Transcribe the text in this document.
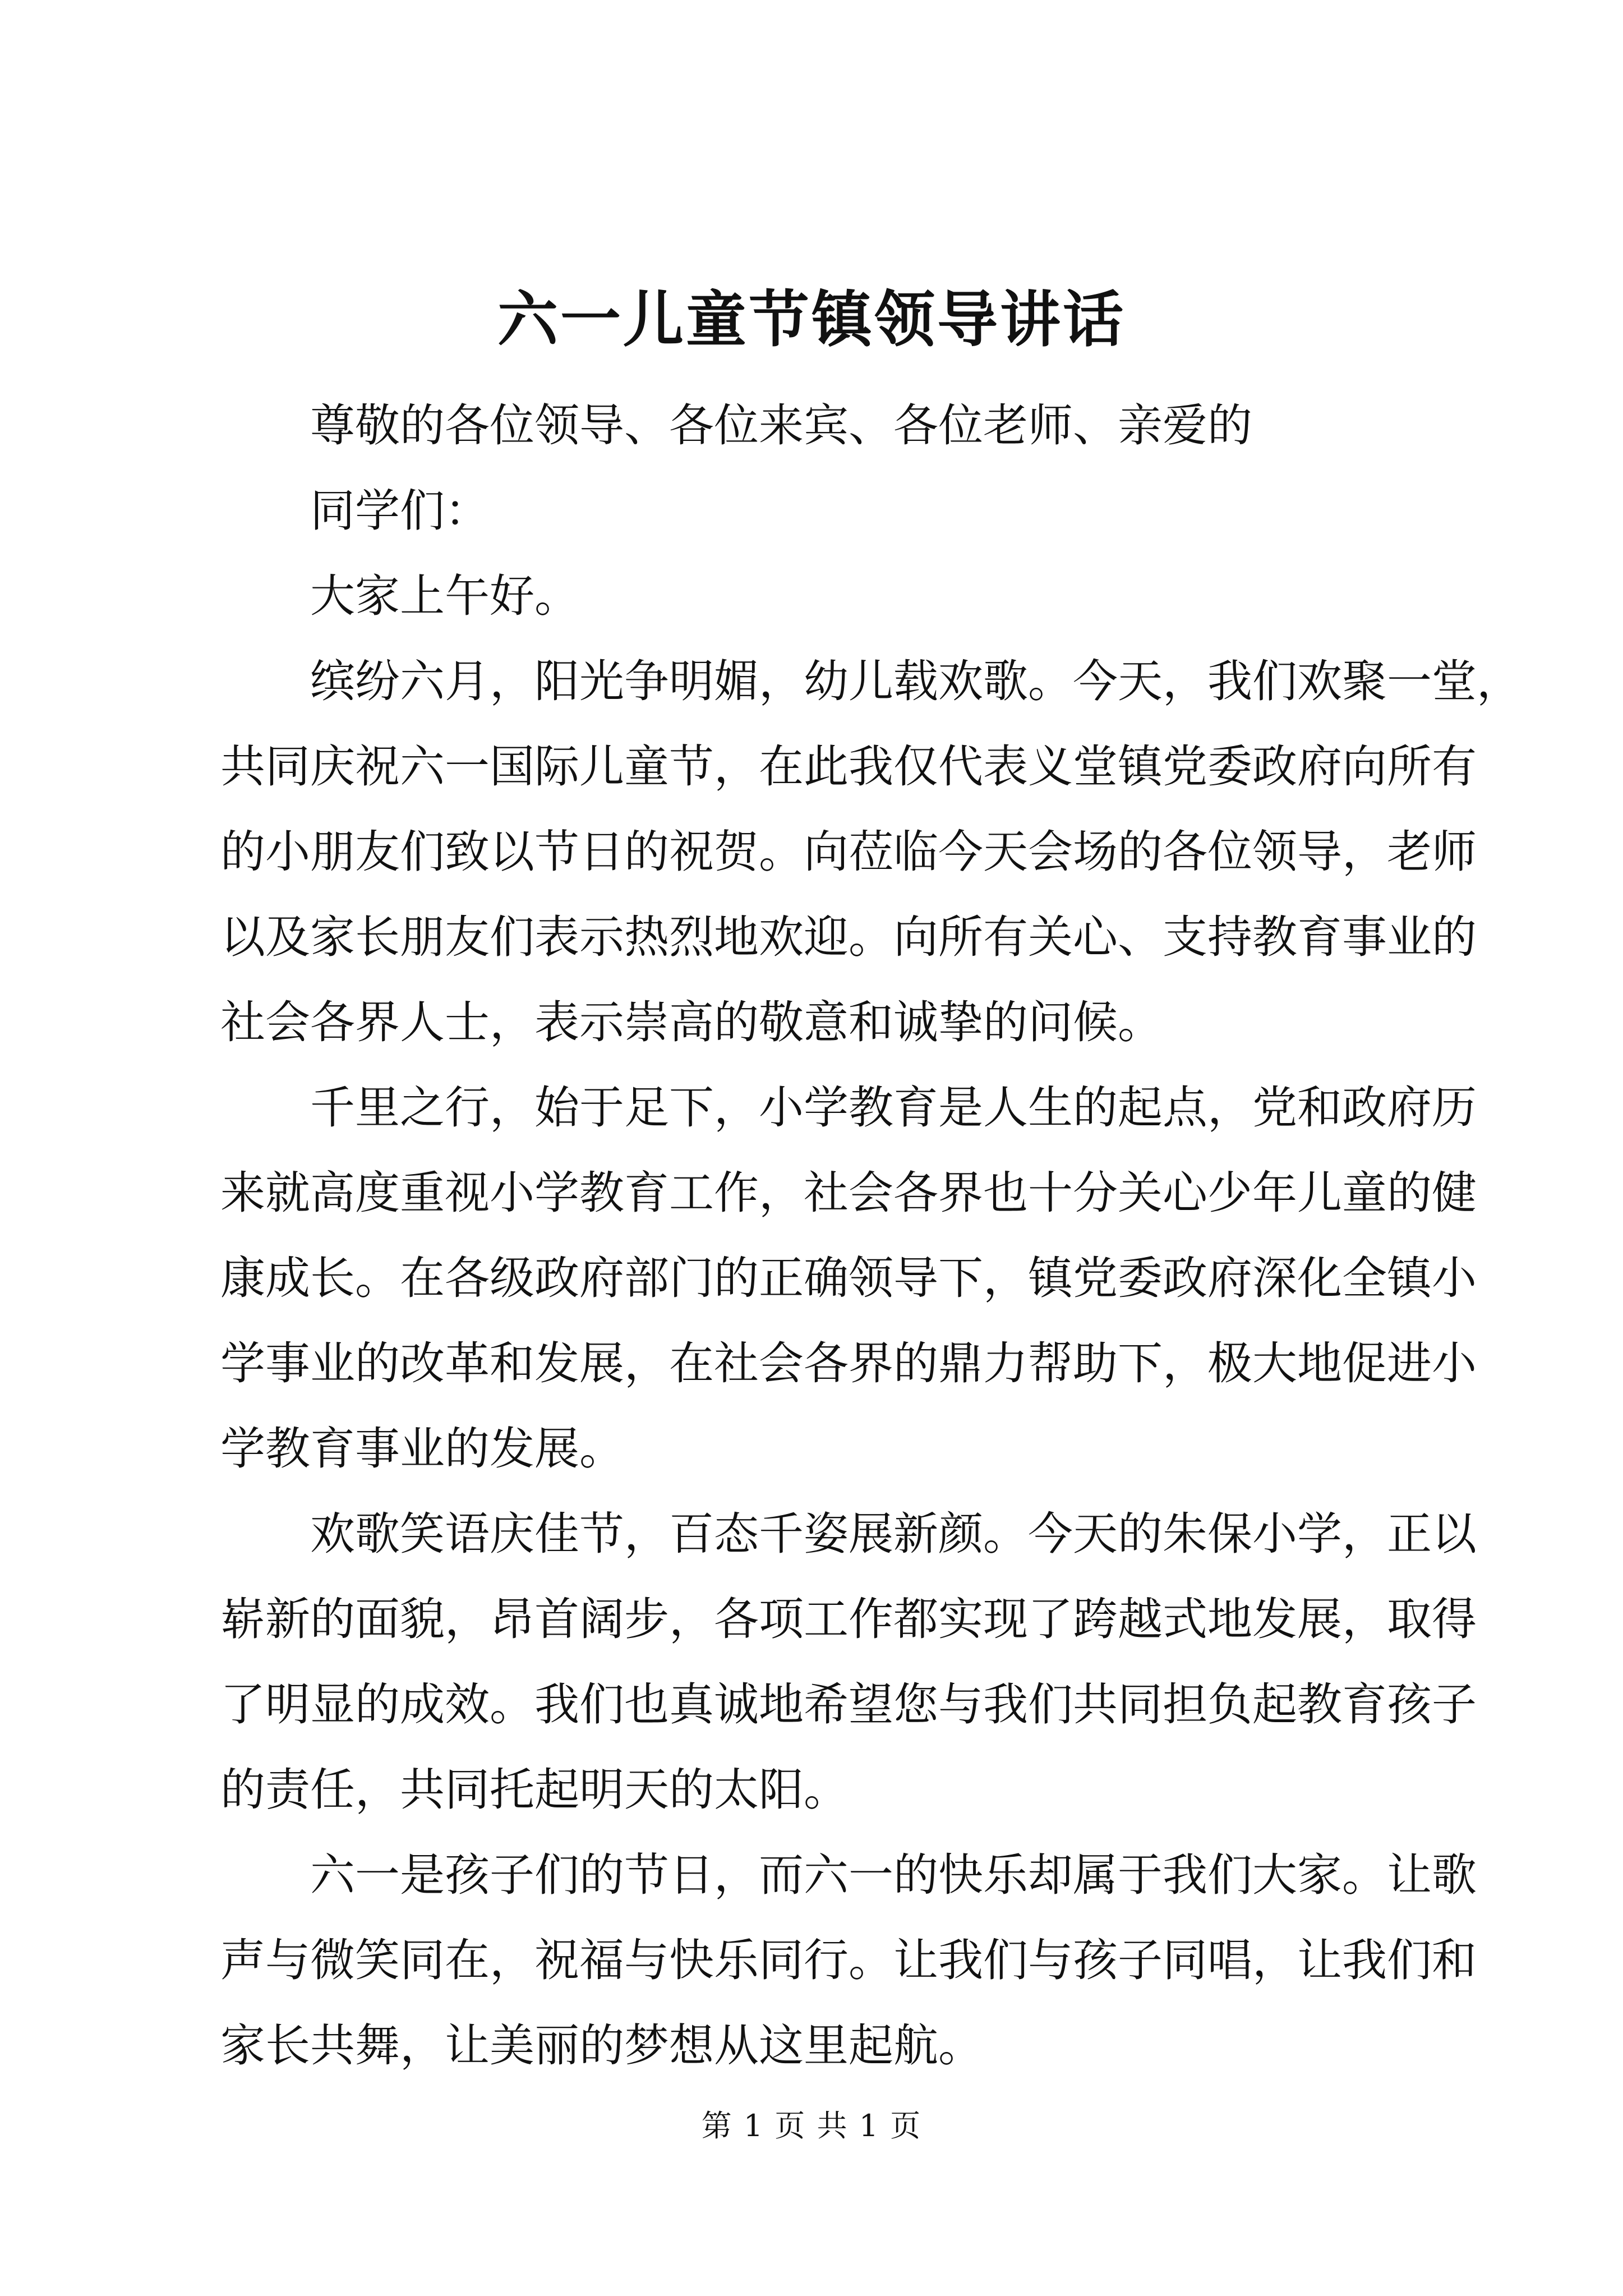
六一儿童节镇领导讲话
尊敬的各位领导、各位来宾、各位老师、亲爱的
同学们：
大家上午好。
缤纷六月，阳光争明媚，幼儿载欢歌。今天，我们欢聚一堂，
共同庆祝六一国际儿童节，在此我仅代表义堂镇党委政府向所有
的小朋友们致以节日的祝贺。向莅临今天会场的各位领导，老师
以及家长朋友们表示热烈地欢迎。向所有关心、支持教育事业的
社会各界人士，表示崇高的敬意和诚挚的问候。
千里之行，始于足下，小学教育是人生的起点，党和政府历
来就高度重视小学教育工作，社会各界也十分关心少年儿童的健
康成长。在各级政府部门的正确领导下，镇党委政府深化全镇小
学事业的改革和发展，在社会各界的鼎力帮助下，极大地促进小
学教育事业的发展。
欢歌笑语庆佳节，百态千姿展新颜。今天的朱保小学，正以
崭新的面貌，昂首阔步，各项工作都实现了跨越式地发展，取得
了明显的成效。我们也真诚地希望您与我们共同担负起教育孩子
的责任，共同托起明天的太阳。
六一是孩子们的节日，而六一的快乐却属于我们大家。让歌
声与微笑同在，祝福与快乐同行。让我们与孩子同唱，让我们和
家长共舞，让美丽的梦想从这里起航。
第 1 页 共 1 页
